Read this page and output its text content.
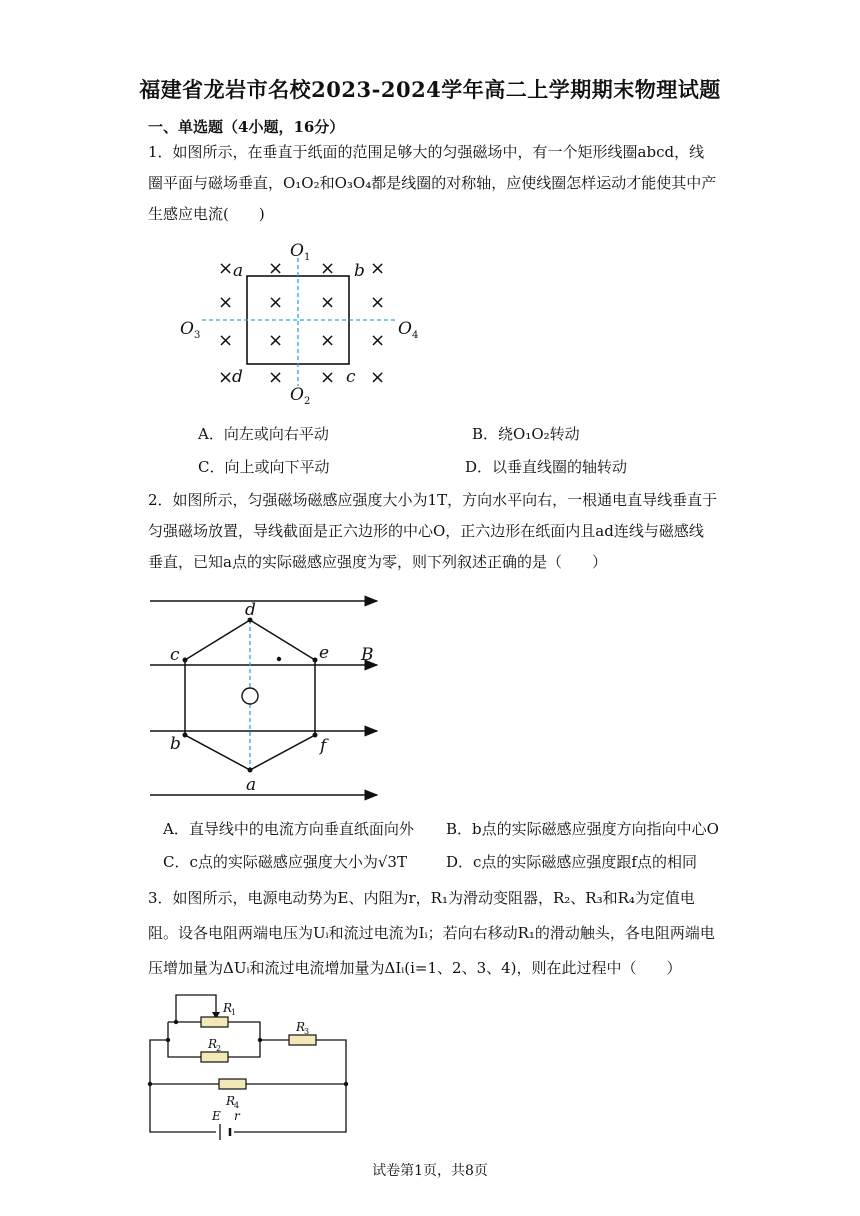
福建省龙岩市名校2023-2024学年高二上学期期末物理试题
一、单选题（4小题，16分）
1．如图所示，在垂直于纸面的范围足够大的匀强磁场中，有一个矩形线圈abcd，线圈平面与磁场垂直，O₁O₂和O₃O₄都是线圈的对称轴，应使线圈怎样运动才能使其中产生感应电流(　　)
× × × ×
× × × ×
× × × ×
× × × ×
a	b
c
d
O
O
O	O
1
2
3	4
A．向左或向右平动	B．绕O₁O₂转动
C．向上或向下平动	D．以垂直线圈的轴转动
2．如图所示，匀强磁场磁感应强度大小为1T，方向水平向右，一根通电直导线垂直于匀强磁场放置，导线截面是正六边形的中心O，正六边形在纸面内且ad连线与磁感线垂直，已知a点的实际磁感应强度为零，则下列叙述正确的是（　　）
d
e
f
a
b
c	B
A．直导线中的电流方向垂直纸面向外 B．b点的实际磁感应强度方向指向中心O
C．c点的实际磁感应强度大小为√3T	D．c点的实际磁感应强度跟f点的相同
3．如图所示，电源电动势为E、内阻为r，R₁为滑动变阻器，R₂、R₃和R₄为定值电阻。设各电阻两端电压为Uᵢ和流过电流为Iᵢ；若向右移动R₁的滑动触头，各电阻两端电压增加量为ΔUᵢ和流过电流增加量为ΔIᵢ(i=1、2、3、4)，则在此过程中（　　）
R
R
R
R
E r
1
2
3
4
试卷第1页，共8页
